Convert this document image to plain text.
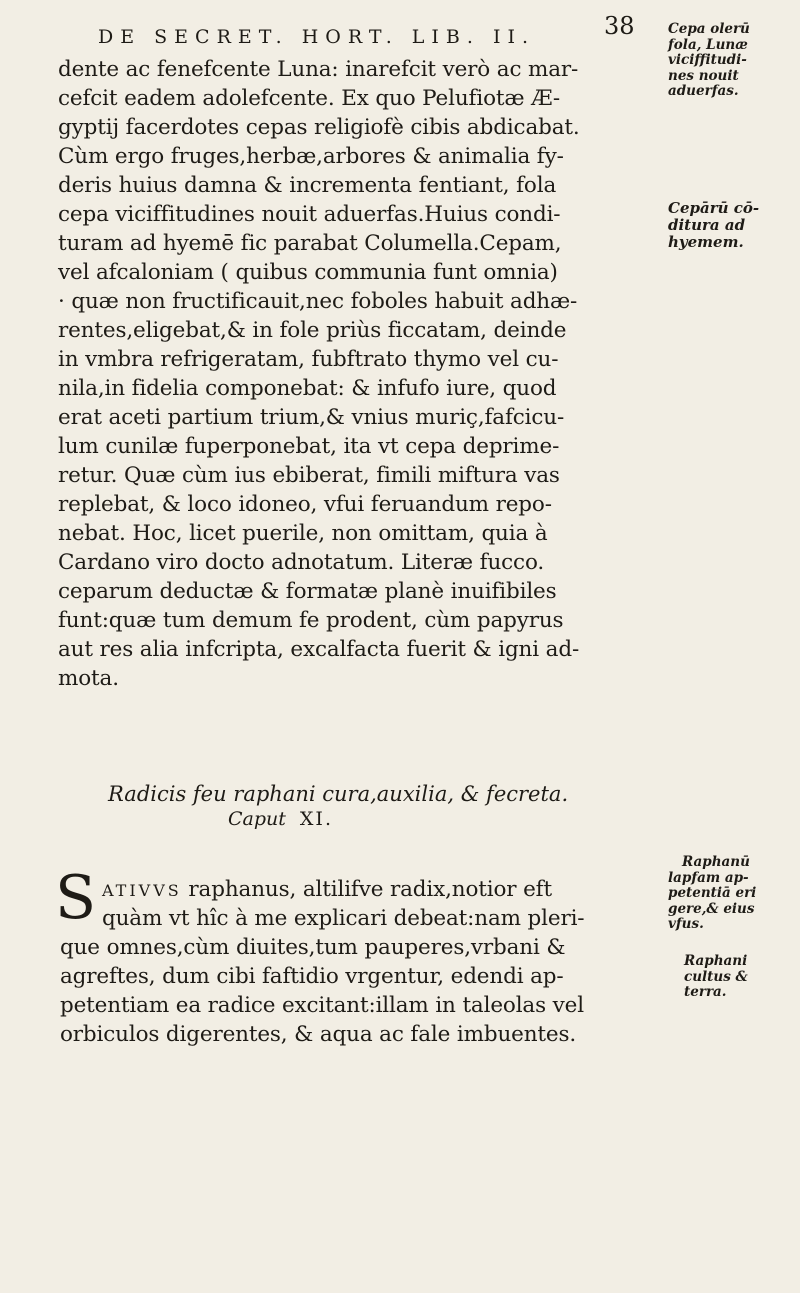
DE SECRET. HORT. LIB. II.	38
dente ac fenefcente Luna: inarefcit verò ac mar-
cefcit eadem adolefcente. Ex quo Pelufiotæ Æ-
gyptij facerdotes cepas religiofè cibis abdicabat.
Cùm ergo fruges,herbæ,arbores & animalia fy-
deris huius damna & incrementa fentiant, fola
cepa viciffitudines nouit aduerfas.Huius condi-
turam ad hyemē fic parabat Columella.Cepam,
vel afcaloniam ( quibus communia funt omnia)
· quæ non fructificauit,nec foboles habuit adhæ-
rentes,eligebat,& in fole priùs ficcatam, deinde
in vmbra refrigeratam, fubftrato thymo vel cu-
nila,in fidelia componebat: & infufo iure, quod
erat aceti partium trium,& vnius muriç,fafcicu-
lum cunilæ fuperponebat, ita vt cepa deprime-
retur. Quæ cùm ius ebiberat, fimili miftura vas
replebat, & loco idoneo, vfui feruandum repo-
nebat. Hoc, licet puerile, non omittam, quia à
Cardano viro docto adnotatum. Literæ fucco.
ceparum deductæ & formatæ planè inuifibiles
funt:quæ tum demum fe prodent, cùm papyrus
aut res alia infcripta, excalfacta fuerit & igni ad-
mota.
Radicis feu raphani cura,auxilia, & fecreta.
Caput XI.
S ATIVVS raphanus, altilifve radix,notior eft
quàm vt hîc à me explicari debeat:nam pleri-
que omnes,cùm diuites,tum pauperes,vrbani &
agreftes, dum cibi faftidio vrgentur, edendi ap-
petentiam ea radice excitant:illam in taleolas vel
orbiculos digerentes, & aqua ac fale imbuentes.
Cepa olerū
fola, Lunæ
viciffitudi-
nes nouit
aduerfas.
Cepārū cō-
ditura ad
hyemem.
Raphanū
lapfam ap-
petentiā eri
gere,& eius
vfus.
Raphani
cultus &
terra.
